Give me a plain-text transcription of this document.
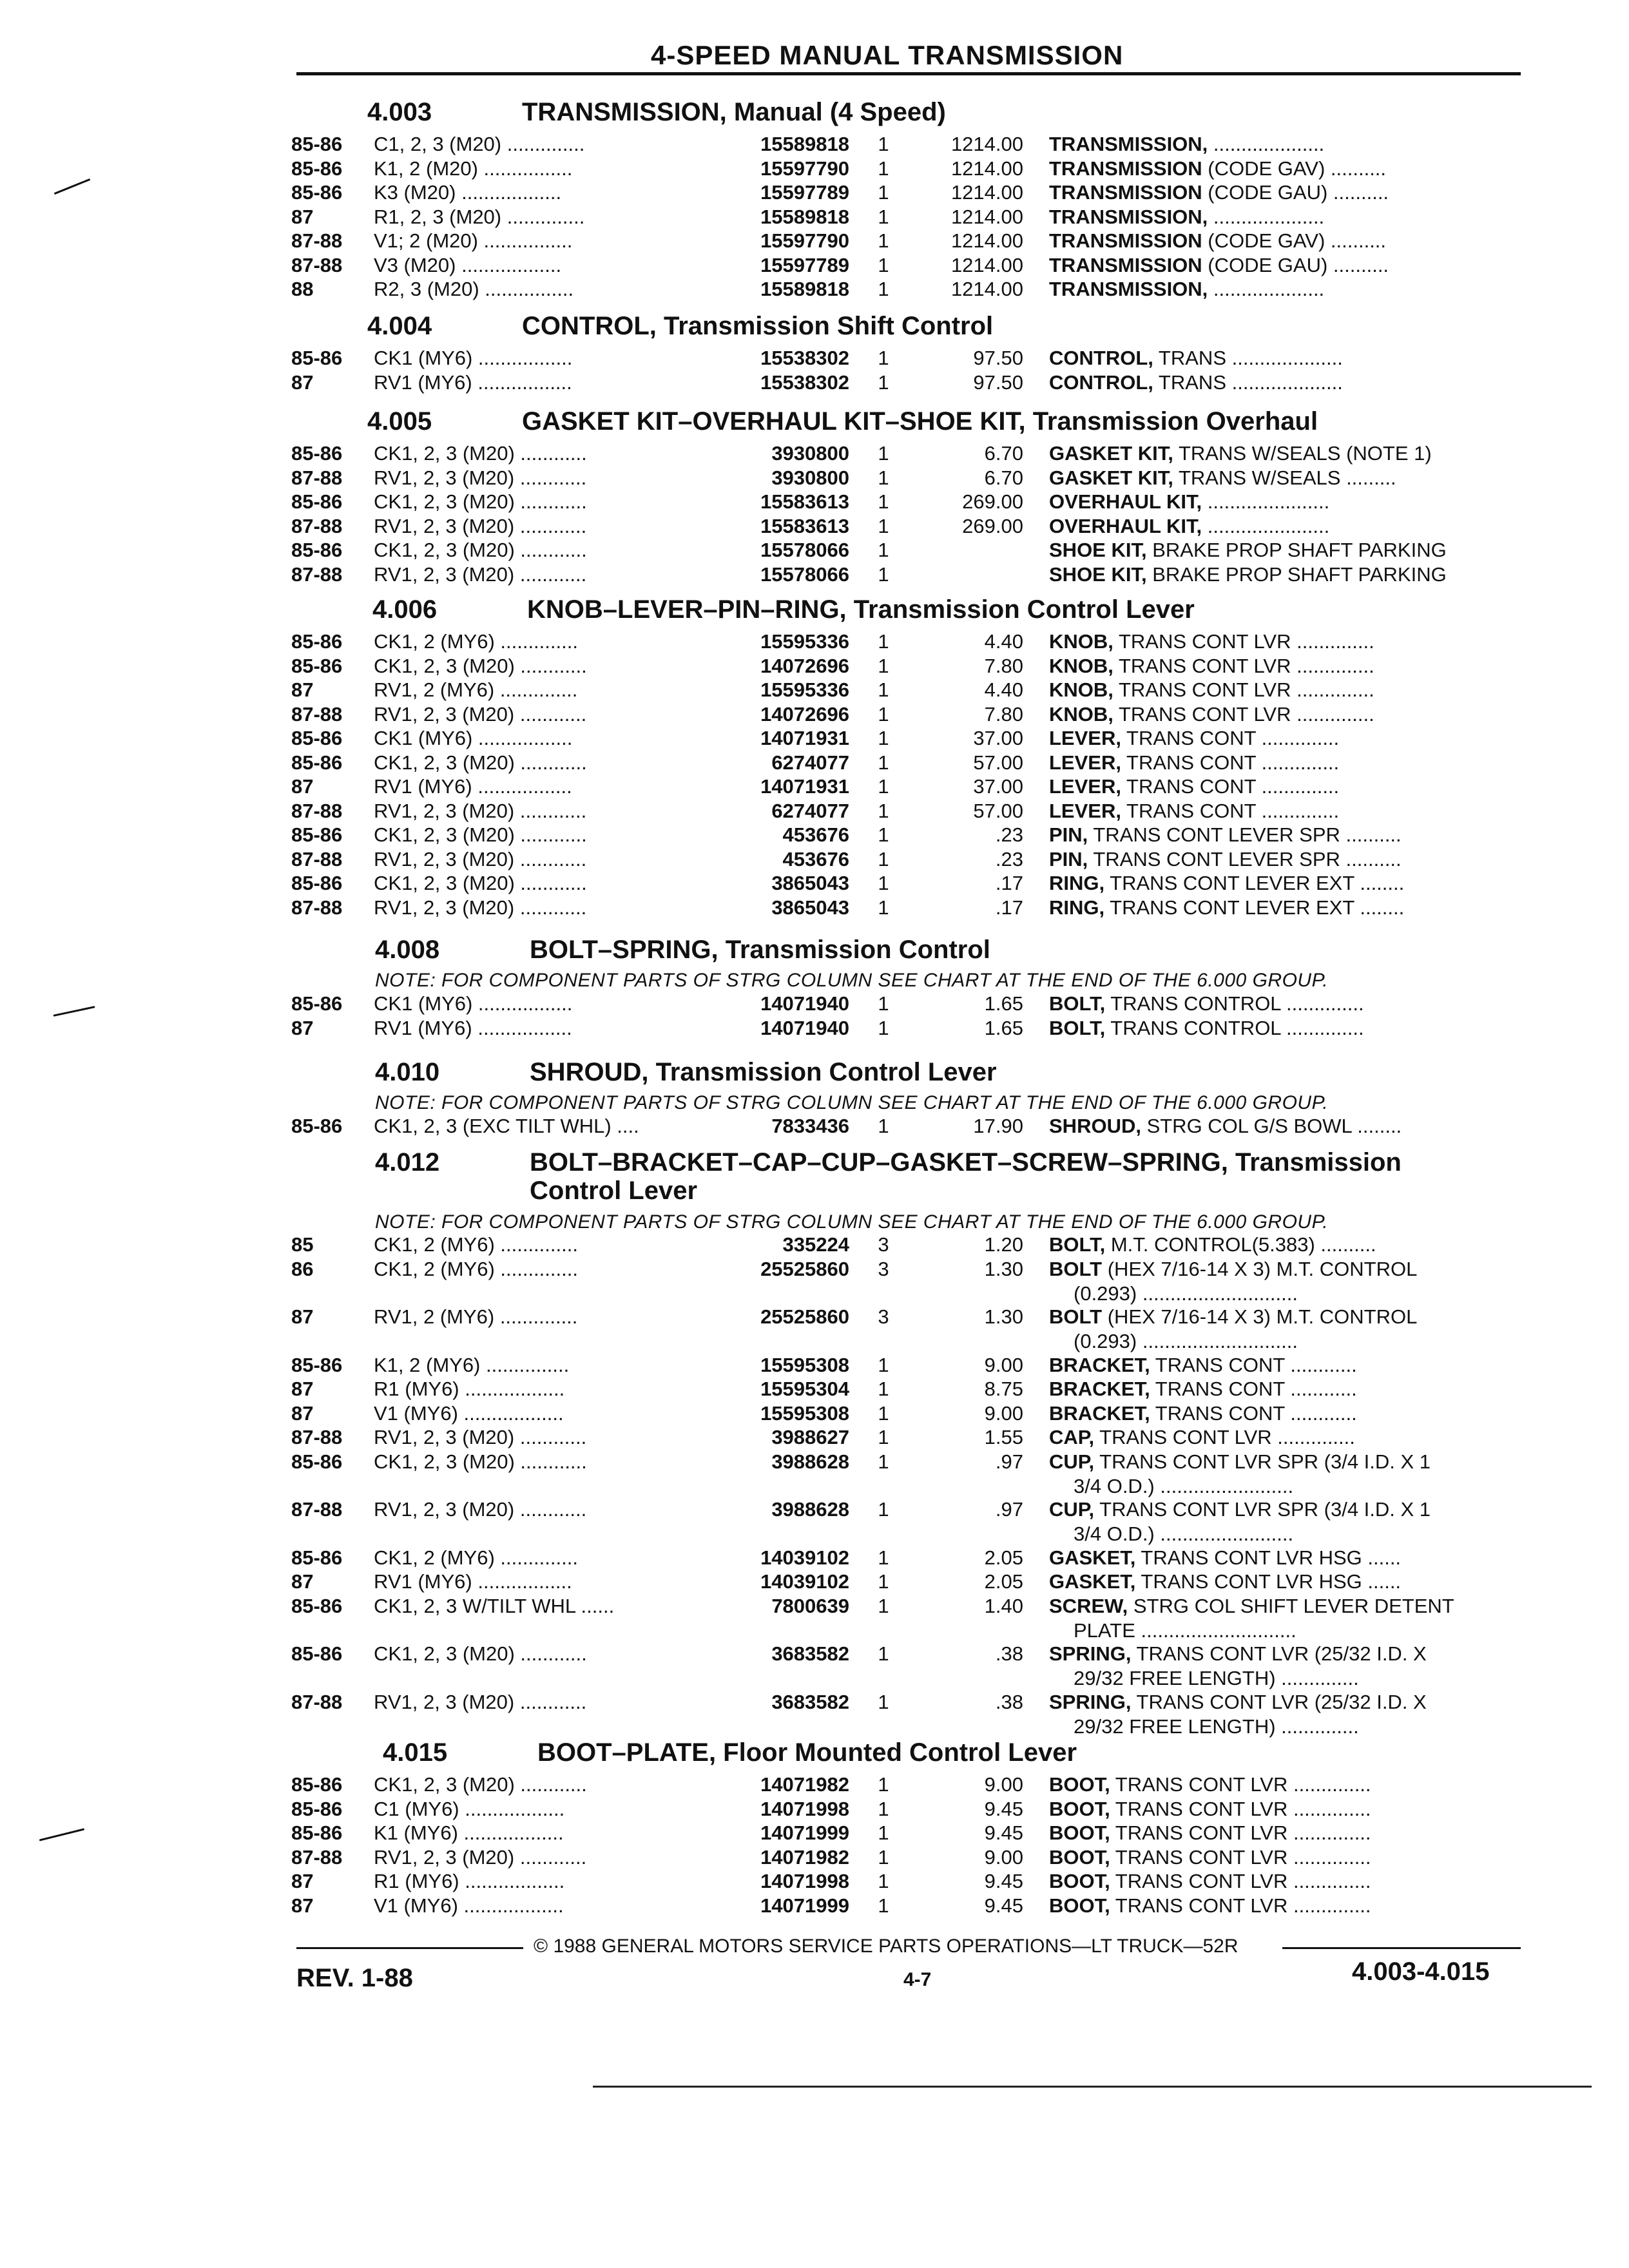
4-SPEED MANUAL TRANSMISSION
4.003	TRANSMISSION, Manual (4 Speed)
85-86 C1, 2, 3 (M20) ..............	15589818 1	1214.00 TRANSMISSION, ....................
85-86 K1, 2 (M20) ................	15597790 1	1214.00 TRANSMISSION (CODE GAV) ..........
85-86 K3 (M20) ..................	15597789 1	1214.00 TRANSMISSION (CODE GAU) ..........
87	R1, 2, 3 (M20) ..............	15589818 1	1214.00 TRANSMISSION, ....................
87-88 V1; 2 (M20) ................	15597790 1	1214.00 TRANSMISSION (CODE GAV) ..........
87-88 V3 (M20) ..................	15597789 1	1214.00 TRANSMISSION (CODE GAU) ..........
88	R2, 3 (M20) ................	15589818 1	1214.00 TRANSMISSION, ....................
4.004	CONTROL, Transmission Shift Control
85-86 CK1 (MY6) .................	15538302 1	97.50 CONTROL, TRANS ....................
87	RV1 (MY6) .................	15538302 1	97.50 CONTROL, TRANS ....................
4.005	GASKET KIT–OVERHAUL KIT–SHOE KIT, Transmission Overhaul
85-86 CK1, 2, 3 (M20) ............	3930800 1	6.70 GASKET KIT, TRANS W/SEALS (NOTE 1)
87-88 RV1, 2, 3 (M20) ............	3930800 1	6.70 GASKET KIT, TRANS W/SEALS .........
85-86 CK1, 2, 3 (M20) ............	15583613 1	269.00 OVERHAUL KIT, ......................
87-88 RV1, 2, 3 (M20) ............	15583613 1	269.00 OVERHAUL KIT, ......................
85-86 CK1, 2, 3 (M20) ............	15578066 1	SHOE KIT, BRAKE PROP SHAFT PARKING
87-88 RV1, 2, 3 (M20) ............	15578066 1	SHOE KIT, BRAKE PROP SHAFT PARKING
4.006	KNOB–LEVER–PIN–RING, Transmission Control Lever
85-86 CK1, 2 (MY6) ..............	15595336 1	4.40 KNOB, TRANS CONT LVR ..............
85-86 CK1, 2, 3 (M20) ............	14072696 1	7.80 KNOB, TRANS CONT LVR ..............
87	RV1, 2 (MY6) ..............	15595336 1	4.40 KNOB, TRANS CONT LVR ..............
87-88 RV1, 2, 3 (M20) ............	14072696 1	7.80 KNOB, TRANS CONT LVR ..............
85-86 CK1 (MY6) .................	14071931 1	37.00 LEVER, TRANS CONT ..............
85-86 CK1, 2, 3 (M20) ............	6274077 1	57.00 LEVER, TRANS CONT ..............
87	RV1 (MY6) .................	14071931 1	37.00 LEVER, TRANS CONT ..............
87-88 RV1, 2, 3 (M20) ............	6274077 1	57.00 LEVER, TRANS CONT ..............
85-86 CK1, 2, 3 (M20) ............	453676 1	.23 PIN, TRANS CONT LEVER SPR ..........
87-88 RV1, 2, 3 (M20) ............	453676 1	.23 PIN, TRANS CONT LEVER SPR ..........
85-86 CK1, 2, 3 (M20) ............	3865043 1	.17 RING, TRANS CONT LEVER EXT ........
87-88 RV1, 2, 3 (M20) ............	3865043 1	.17 RING, TRANS CONT LEVER EXT ........
4.008	BOLT–SPRING, Transmission Control
NOTE: FOR COMPONENT PARTS OF STRG COLUMN SEE CHART AT THE END OF THE 6.000 GROUP.
85-86 CK1 (MY6) .................	14071940 1	1.65 BOLT, TRANS CONTROL ..............
87	RV1 (MY6) .................	14071940 1	1.65 BOLT, TRANS CONTROL ..............
4.010	SHROUD, Transmission Control Lever
NOTE: FOR COMPONENT PARTS OF STRG COLUMN SEE CHART AT THE END OF THE 6.000 GROUP.
85-86 CK1, 2, 3 (EXC TILT WHL) ....	7833436 1	17.90 SHROUD, STRG COL G/S BOWL ........
4.012	BOLT–BRACKET–CAP–CUP–GASKET–SCREW–SPRING, Transmission
Control Lever
NOTE: FOR COMPONENT PARTS OF STRG COLUMN SEE CHART AT THE END OF THE 6.000 GROUP.
85	CK1, 2 (MY6) ..............	335224 3	1.20 BOLT, M.T. CONTROL(5.383) ..........
86	CK1, 2 (MY6) ..............	25525860 3	1.30 BOLT (HEX 7/16-14 X 3) M.T. CONTROL
(0.293) ............................
87	RV1, 2 (MY6) ..............	25525860 3	1.30 BOLT (HEX 7/16-14 X 3) M.T. CONTROL
(0.293) ............................
85-86 K1, 2 (MY6) ...............	15595308 1	9.00 BRACKET, TRANS CONT ............
87	R1 (MY6) ..................	15595304 1	8.75 BRACKET, TRANS CONT ............
87	V1 (MY6) ..................	15595308 1	9.00 BRACKET, TRANS CONT ............
87-88 RV1, 2, 3 (M20) ............	3988627 1	1.55 CAP, TRANS CONT LVR ..............
85-86 CK1, 2, 3 (M20) ............	3988628 1	.97 CUP, TRANS CONT LVR SPR (3/4 I.D. X 1
3/4 O.D.) ........................
87-88 RV1, 2, 3 (M20) ............	3988628 1	.97 CUP, TRANS CONT LVR SPR (3/4 I.D. X 1
3/4 O.D.) ........................
85-86 CK1, 2 (MY6) ..............	14039102 1	2.05 GASKET, TRANS CONT LVR HSG ......
87	RV1 (MY6) .................	14039102 1	2.05 GASKET, TRANS CONT LVR HSG ......
85-86 CK1, 2, 3 W/TILT WHL ......	7800639 1	1.40 SCREW, STRG COL SHIFT LEVER DETENT
PLATE ............................
85-86 CK1, 2, 3 (M20) ............	3683582 1	.38 SPRING, TRANS CONT LVR (25/32 I.D. X
29/32 FREE LENGTH) ..............
87-88 RV1, 2, 3 (M20) ............	3683582 1	.38 SPRING, TRANS CONT LVR (25/32 I.D. X
29/32 FREE LENGTH) ..............
4.015	BOOT–PLATE, Floor Mounted Control Lever
85-86 CK1, 2, 3 (M20) ............	14071982 1	9.00 BOOT, TRANS CONT LVR ..............
85-86 C1 (MY6) ..................	14071998 1	9.45 BOOT, TRANS CONT LVR ..............
85-86 K1 (MY6) ..................	14071999 1	9.45 BOOT, TRANS CONT LVR ..............
87-88 RV1, 2, 3 (M20) ............	14071982 1	9.00 BOOT, TRANS CONT LVR ..............
87	R1 (MY6) ..................	14071998 1	9.45 BOOT, TRANS CONT LVR ..............
87	V1 (MY6) ..................	14071999 1	9.45 BOOT, TRANS CONT LVR ..............
© 1988 GENERAL MOTORS SERVICE PARTS OPERATIONS—LT TRUCK—52R
REV. 1-88	4-7	4.003-4.015
